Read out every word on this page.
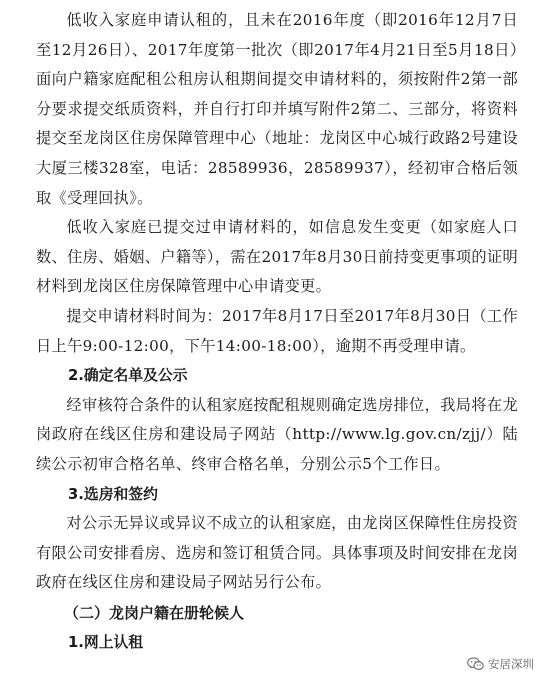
低收入家庭申请认租的，且未在2016年度（即2016年12月7日至12月26日）、2017年度第一批次（即2017年4月21日至5月18日）面向户籍家庭配租公租房认租期间提交申请材料的，须按附件2第一部分要求提交纸质资料，并自行打印并填写附件2第二、三部分，将资料提交至龙岗区住房保障管理中心（地址：龙岗区中心城行政路2号建设大厦三楼328室，电话：28589936，28589937），经初审合格后领取《受理回执》。

低收入家庭已提交过申请材料的，如信息发生变更（如家庭人口数、住房、婚姻、户籍等），需在2017年8月30日前持变更事项的证明材料到龙岗区住房保障管理中心申请变更。

提交申请材料时间为：2017年8月17日至2017年8月30日（工作日上午9:00-12:00，下午14:00-18:00），逾期不再受理申请。

2.确定名单及公示

经审核符合条件的认租家庭按配租规则确定选房排位，我局将在龙岗政府在线区住房和建设局子网站（http://www.lg.gov.cn/zjj/）陆续公示初审合格名单、终审合格名单，分别公示5个工作日。

3.选房和签约

对公示无异议或异议不成立的认租家庭，由龙岗区保障性住房投资有限公司安排看房、选房和签订租赁合同。具体事项及时间安排在龙岗政府在线区住房和建设局子网站另行公布。

（二）龙岗户籍在册轮候人
1.网上认租
安居深圳
